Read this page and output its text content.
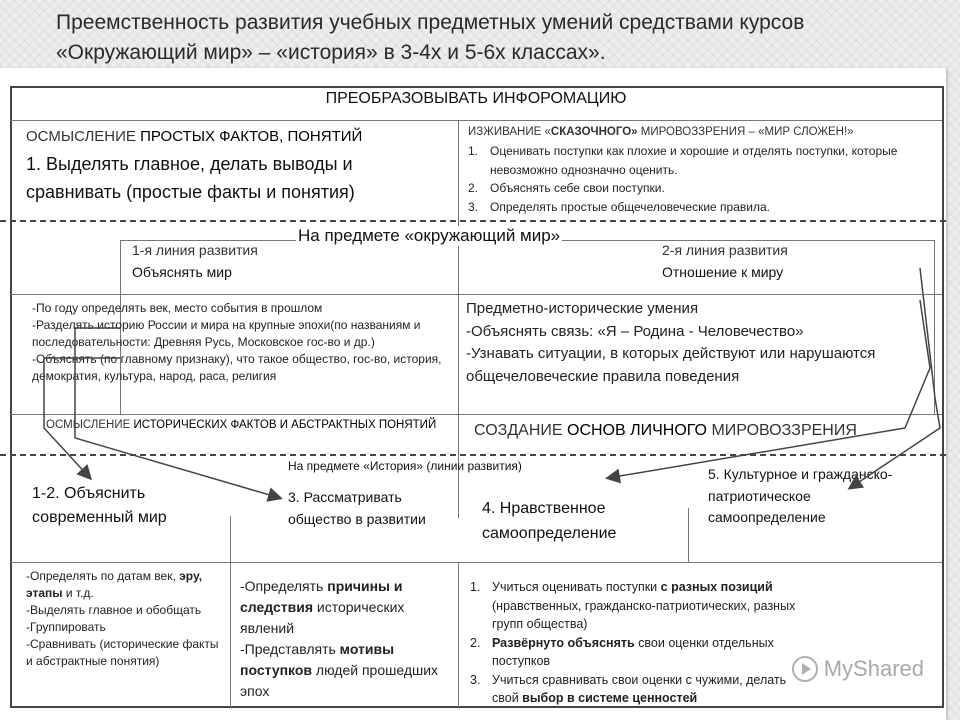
Преемственность развития учебных предметных умений средствами курсов «Окружающий мир» – «история» в 3-4х и 5-6х классах».
ПРЕОБРАЗОВЫВАТЬ ИНФОРОМАЦИЮ
ОСМЫСЛЕНИЕ ПРОСТЫХ ФАКТОВ, ПОНЯТИЙ
1. Выделять главное, делать выводы и сравнивать (простые факты и понятия)
ИЗЖИВАНИЕ «СКАЗОЧНОГО» МИРОВОЗЗРЕНИЯ – «МИР СЛОЖЕН!»
1. Оценивать поступки как плохие и хорошие и отделять поступки, которые невозможно однозначно оценить.
2. Объяснять себе свои поступки.
3. Определять простые общечеловеческие правила.
На предмете «окружающий мир»
1-я линия развития
Объяснять мир
2-я линия развития
Отношение к миру
-По году определять век, место события в прошлом
-Разделять историю России и мира на крупные эпохи(по названиям и последовательности: Древняя Русь, Московское гос-во и др.)
-Объяснять (по главному признаку), что такое общество, гос-во, история, демократия, культура, народ, раса, религия
Предметно-исторические умения
-Объяснять связь: «Я – Родина - Человечество»
-Узнавать ситуации, в которых действуют или нарушаются общечеловеческие правила поведения
ОСМЫСЛЕНИЕ ИСТОРИЧЕСКИХ ФАКТОВ И АБСТРАКТНЫХ ПОНЯТИЙ	СОЗДАНИЕ ОСНОВ ЛИЧНОГО МИРОВОЗЗРЕНИЯ
На предмете «История» (линии развития)
1-2. Объяснить современный мир
3. Рассматривать общество в развитии
4. Нравственное самоопределение
5. Культурное и гражданско-патриотическое самоопределение
-Определять по датам век, эру, этапы и т.д.
-Выделять главное и обобщать
-Группировать
-Сравнивать (исторические факты и абстрактные понятия)
-Определять причины и следствия исторических явлений
-Представлять мотивы поступков людей прошедших эпох
1. Учиться оценивать поступки с разных позиций (нравственных, гражданско-патриотических, разных групп общества)
2. Развёрнуто объяснять свои оценки отдельных поступков
3. Учиться сравнивать свои оценки с чужими, делать свой выбор в системе ценностей
MyShared
